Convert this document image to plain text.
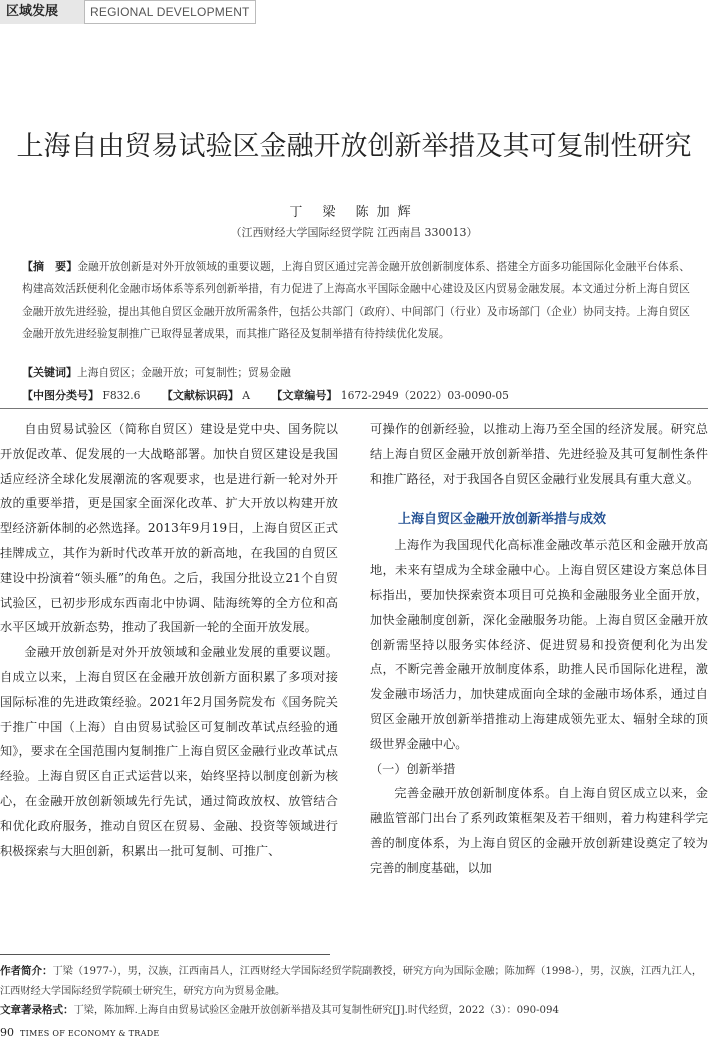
区域发展	REGIONAL DEVELOPMENT
上海自由贸易试验区金融开放创新举措及其可复制性研究
丁 梁 陈加辉
（江西财经大学国际经贸学院 江西南昌 330013）
【摘　要】金融开放创新是对外开放领域的重要议题，上海自贸区通过完善金融开放创新制度体系、搭建全方面多功能国际化金融平台体系、构建高效活跃便利化金融市场体系等系列创新举措，有力促进了上海高水平国际金融中心建设及区内贸易金融发展。本文通过分析上海自贸区金融开放先进经验，提出其他自贸区金融开放所需条件，包括公共部门（政府）、中间部门（行业）及市场部门（企业）协同支持。上海自贸区金融开放先进经验复制推广已取得显著成果，而其推广路径及复制举措有待持续优化发展。
【关键词】上海自贸区；金融开放；可复制性；贸易金融
【中图分类号】 F832.6 【文献标识码】 A 【文章编号】 1672-2949（2022）03-0090-05

自由贸易试验区（简称自贸区）建设是党中央、国务院以开放促改革、促发展的一大战略部署。加快自贸区建设是我国适应经济全球化发展潮流的客观要求，也是进行新一轮对外开放的重要举措，更是国家全面深化改革、扩大开放以构建开放型经济新体制的必然选择。2013年9月19日，上海自贸区正式挂牌成立，其作为新时代改革开放的新高地，在我国的自贸区建设中扮演着“领头雁”的角色。之后，我国分批设立21个自贸试验区，已初步形成东西南北中协调、陆海统筹的全方位和高水平区域开放新态势，推动了我国新一轮的全面开放发展。

金融开放创新是对外开放领域和金融业发展的重要议题。自成立以来，上海自贸区在金融开放创新方面积累了多项对接国际标准的先进政策经验。2021年2月国务院发布《国务院关于推广中国（上海）自由贸易试验区可复制改革试点经验的通知》，要求在全国范围内复制推广上海自贸区金融行业改革试点经验。上海自贸区自正式运营以来，始终坚持以制度创新为核心，在金融开放创新领域先行先试，通过简政放权、放管结合和优化政府服务，推动自贸区在贸易、金融、投资等领域进行积极探索与大胆创新，积累出一批可复制、可推广、

可操作的创新经验，以推动上海乃至全国的经济发展。研究总结上海自贸区金融开放创新举措、先进经验及其可复制性条件和推广路径，对于我国各自贸区金融行业发展具有重大意义。

上海自贸区金融开放创新举措与成效

上海作为我国现代化高标准金融改革示范区和金融开放高地，未来有望成为全球金融中心。上海自贸区建设方案总体目标指出，要加快探索资本项目可兑换和金融服务业全面开放，加快金融制度创新，深化金融服务功能。上海自贸区金融开放创新需坚持以服务实体经济、促进贸易和投资便利化为出发点，不断完善金融开放制度体系，助推人民币国际化进程，激发金融市场活力，加快建成面向全球的金融市场体系，通过自贸区金融开放创新举措推动上海建成领先亚太、辐射全球的顶级世界金融中心。

（一）创新举措

完善金融开放创新制度体系。自上海自贸区成立以来，金融监管部门出台了系列政策框架及若干细则，着力构建科学完善的制度体系，为上海自贸区的金融开放创新建设奠定了较为完善的制度基础，以加

作者简介：丁梁（1977-），男，汉族，江西南昌人，江西财经大学国际经贸学院副教授，研究方向为国际金融；陈加辉（1998-），男，汉族，江西九江人，江西财经大学国际经贸学院硕士研究生，研究方向为贸易金融。
文章著录格式：丁梁，陈加辉.上海自由贸易试验区金融开放创新举措及其可复制性研究[J].时代经贸，2022（3）：090-094
90 TIMES OF ECONOMY & TRADE
